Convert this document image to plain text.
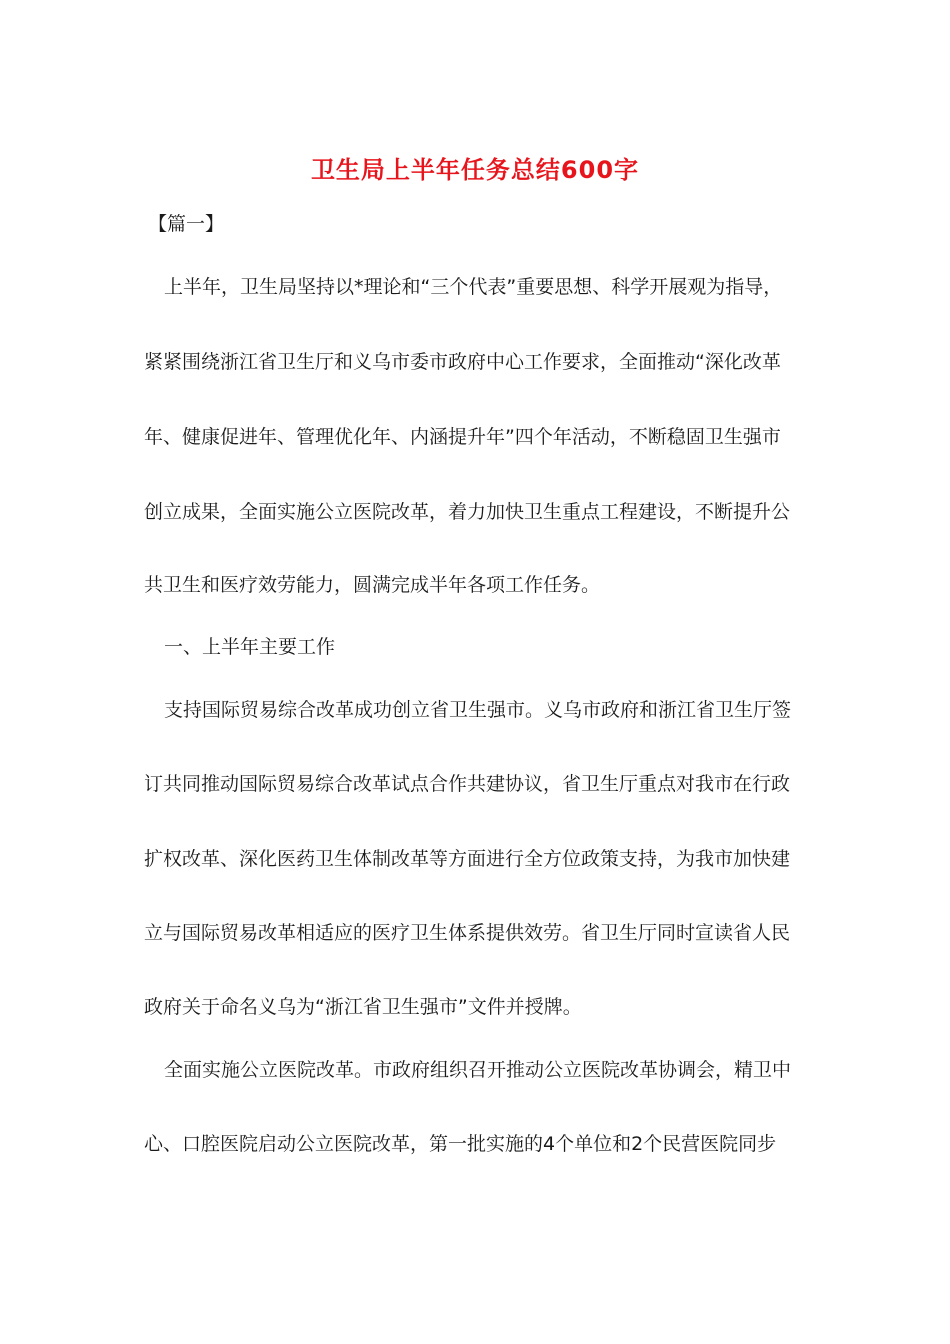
卫生局上半年任务总结600字
【篇一】
上半年，卫生局坚持以*理论和“三个代表”重要思想、科学开展观为指导，
紧紧围绕浙江省卫生厅和义乌市委市政府中心工作要求，全面推动“深化改革
年、健康促进年、管理优化年、内涵提升年”四个年活动，不断稳固卫生强市
创立成果，全面实施公立医院改革，着力加快卫生重点工程建设，不断提升公
共卫生和医疗效劳能力，圆满完成半年各项工作任务。
一、上半年主要工作
支持国际贸易综合改革成功创立省卫生强市。义乌市政府和浙江省卫生厅签
订共同推动国际贸易综合改革试点合作共建协议，省卫生厅重点对我市在行政
扩权改革、深化医药卫生体制改革等方面进行全方位政策支持，为我市加快建
立与国际贸易改革相适应的医疗卫生体系提供效劳。省卫生厅同时宣读省人民
政府关于命名义乌为“浙江省卫生强市”文件并授牌。
全面实施公立医院改革。市政府组织召开推动公立医院改革协调会，精卫中
心、口腔医院启动公立医院改革，第一批实施的4个单位和2个民营医院同步
